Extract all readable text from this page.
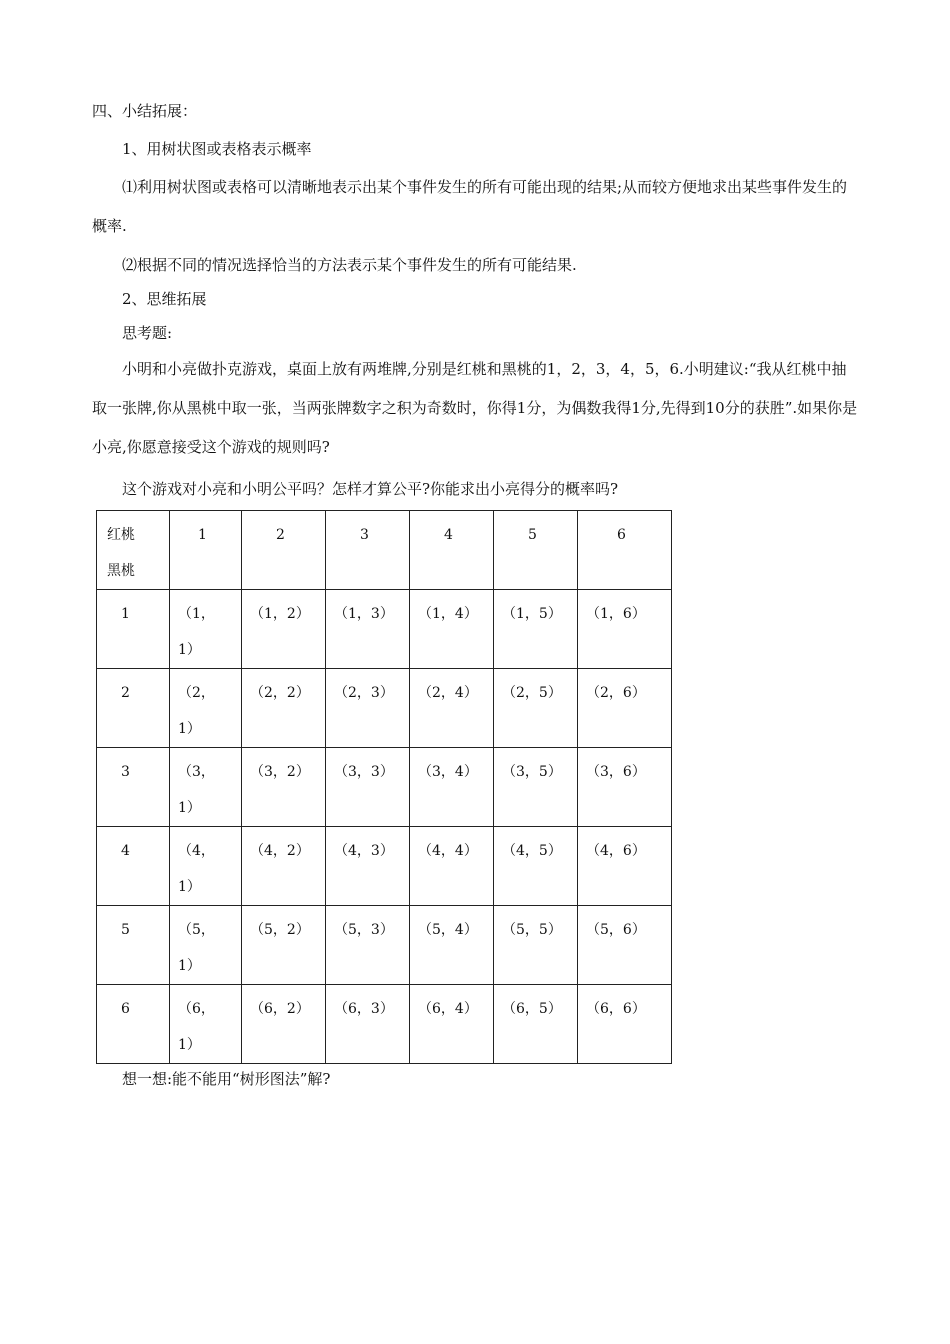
四、小结拓展：
1、用树状图或表格表示概率
⑴利用树状图或表格可以清晰地表示出某个事件发生的所有可能出现的结果;从而较方便地求出某些事件发生的概率.
⑵根据不同的情况选择恰当的方法表示某个事件发生的所有可能结果.
2、思维拓展
思考题:
小明和小亮做扑克游戏，桌面上放有两堆牌,分别是红桃和黑桃的1，2，3，4，5，6.小明建议:“我从红桃中抽取一张牌,你从黑桃中取一张，当两张牌数字之积为奇数时，你得1分，为偶数我得1分,先得到10分的获胜”.如果你是小亮,你愿意接受这个游戏的规则吗?
这个游戏对小亮和小明公平吗？怎样才算公平?你能求出小亮得分的概率吗?
红桃
黑桃	1	2	3	4	5	6
1	（1，1）	（1，2）	（1，3）	（1，4）	（1，5）	（1，6）
2	（2，1）	（2，2）	（2，3）	（2，4）	（2，5）	（2，6）
3	（3，1）	（3，2）	（3，3）	（3，4）	（3，5）	（3，6）
4	（4，1）	（4，2）	（4，3）	（4，4）	（4，5）	（4，6）
5	（5，1）	（5，2）	（5，3）	（5，4）	（5，5）	（5，6）
6	（6，1）	（6，2）	（6，3）	（6，4）	（6，5）	（6，6）
想一想:能不能用“树形图法”解?
